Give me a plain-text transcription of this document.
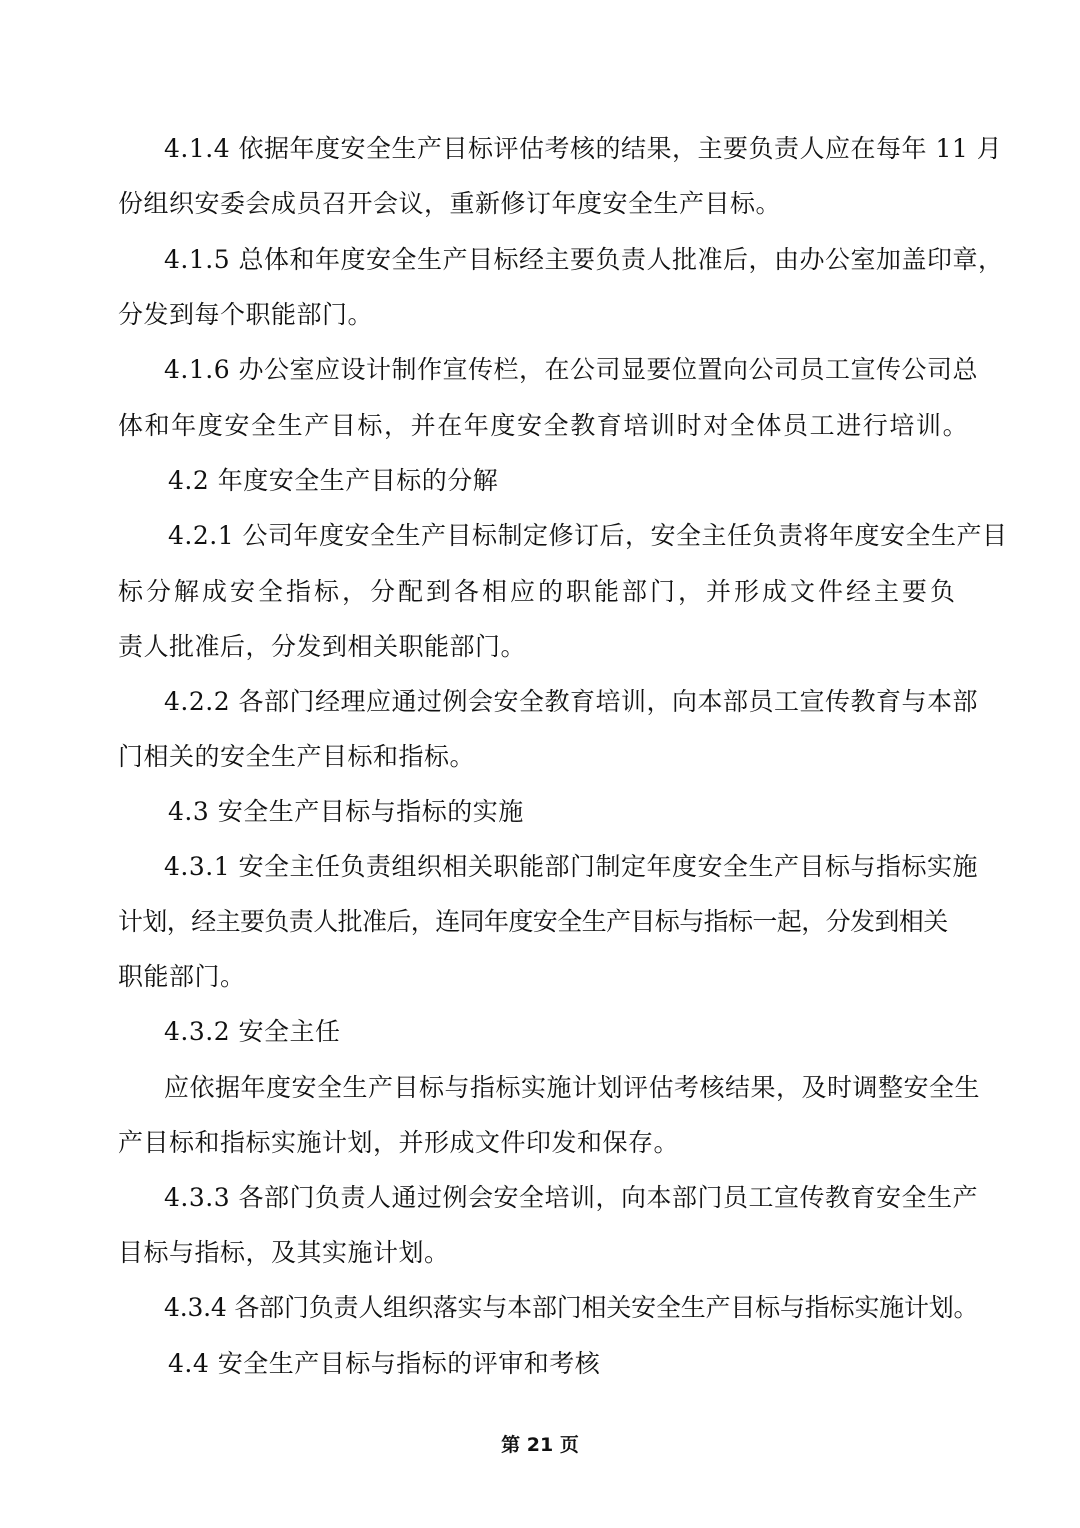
4.1.4 依据年度安全生产目标评估考核的结果，主要负责人应在每年 11 月
份组织安委会成员召开会议，重新修订年度安全生产目标。
4.1.5 总体和年度安全生产目标经主要负责人批准后，由办公室加盖印章，
分发到每个职能部门。
4.1.6 办公室应设计制作宣传栏，在公司显要位置向公司员工宣传公司总
体和年度安全生产目标，并在年度安全教育培训时对全体员工进行培训。
4.2 年度安全生产目标的分解
4.2.1 公司年度安全生产目标制定修订后，安全主任负责将年度安全生产目
标分解成安全指标，分配到各相应的职能部门，并形成文件经主要负
责人批准后，分发到相关职能部门。
4.2.2 各部门经理应通过例会安全教育培训，向本部员工宣传教育与本部
门相关的安全生产目标和指标。
4.3 安全生产目标与指标的实施
4.3.1 安全主任负责组织相关职能部门制定年度安全生产目标与指标实施
计划，经主要负责人批准后，连同年度安全生产目标与指标一起，分发到相关
职能部门。
4.3.2 安全主任
应依据年度安全生产目标与指标实施计划评估考核结果，及时调整安全生
产目标和指标实施计划，并形成文件印发和保存。
4.3.3 各部门负责人通过例会安全培训，向本部门员工宣传教育安全生产
目标与指标，及其实施计划。
4.3.4 各部门负责人组织落实与本部门相关安全生产目标与指标实施计划。
4.4 安全生产目标与指标的评审和考核
第 21 页
